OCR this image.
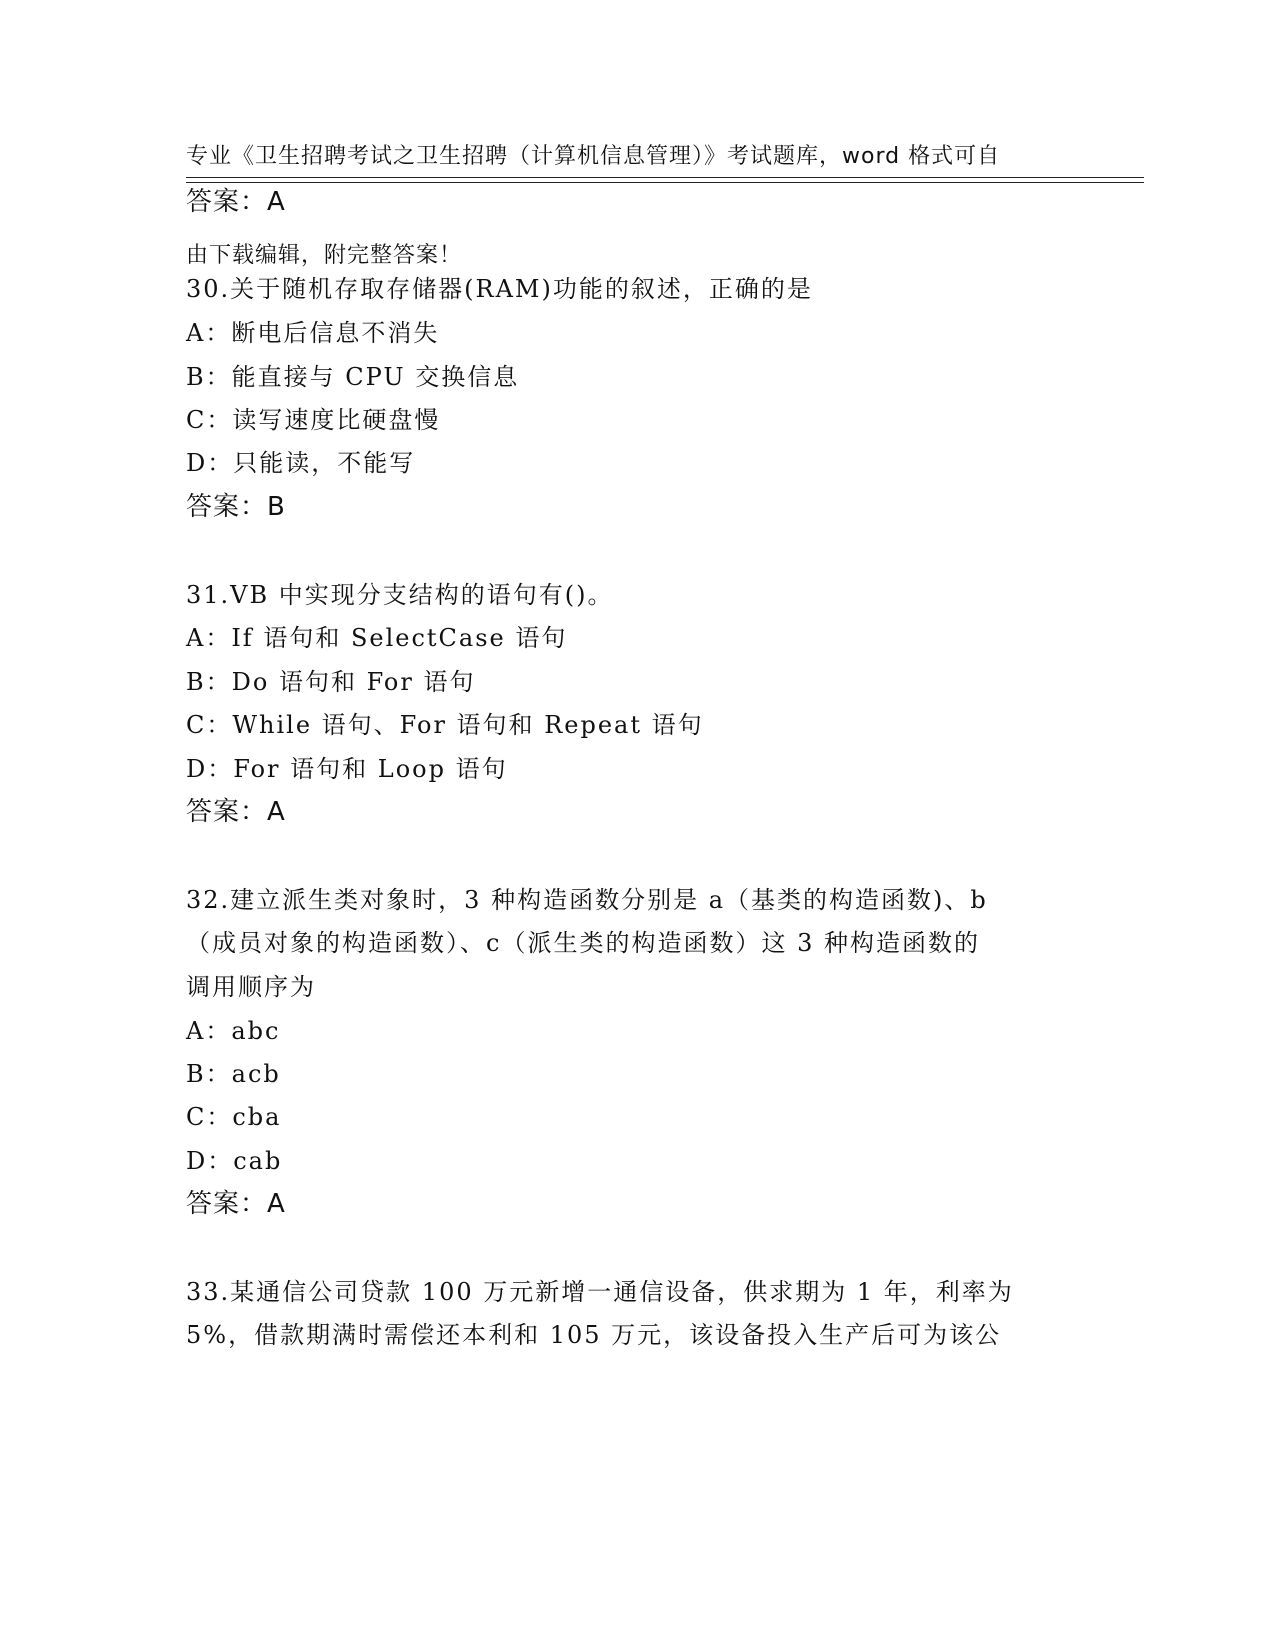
专业《卫生招聘考试之卫生招聘（计算机信息管理）》考试题库，word 格式可自

由下载编辑，附完整答案！

答案：A
30.关于随机存取存储器(RAM)功能的叙述，正确的是
A：断电后信息不消失
B：能直接与 CPU 交换信息
C：读写速度比硬盘慢
D：只能读，不能写
答案：B
31.VB 中实现分支结构的语句有()。
A：If 语句和 SelectCase 语句
B：Do 语句和 For 语句
C：While 语句、For 语句和 Repeat 语句
D：For 语句和 Loop 语句
答案：A
32.建立派生类对象时，3 种构造函数分别是 a（基类的构造函数)、b
（成员对象的构造函数）、c（派生类的构造函数）这 3 种构造函数的
调用顺序为
A：abc
B：acb
C：cba
D：cab
答案：A
33.某通信公司贷款 100 万元新增一通信设备，供求期为 1 年，利率为
5%，借款期满时需偿还本利和 105 万元，该设备投入生产后可为该公
